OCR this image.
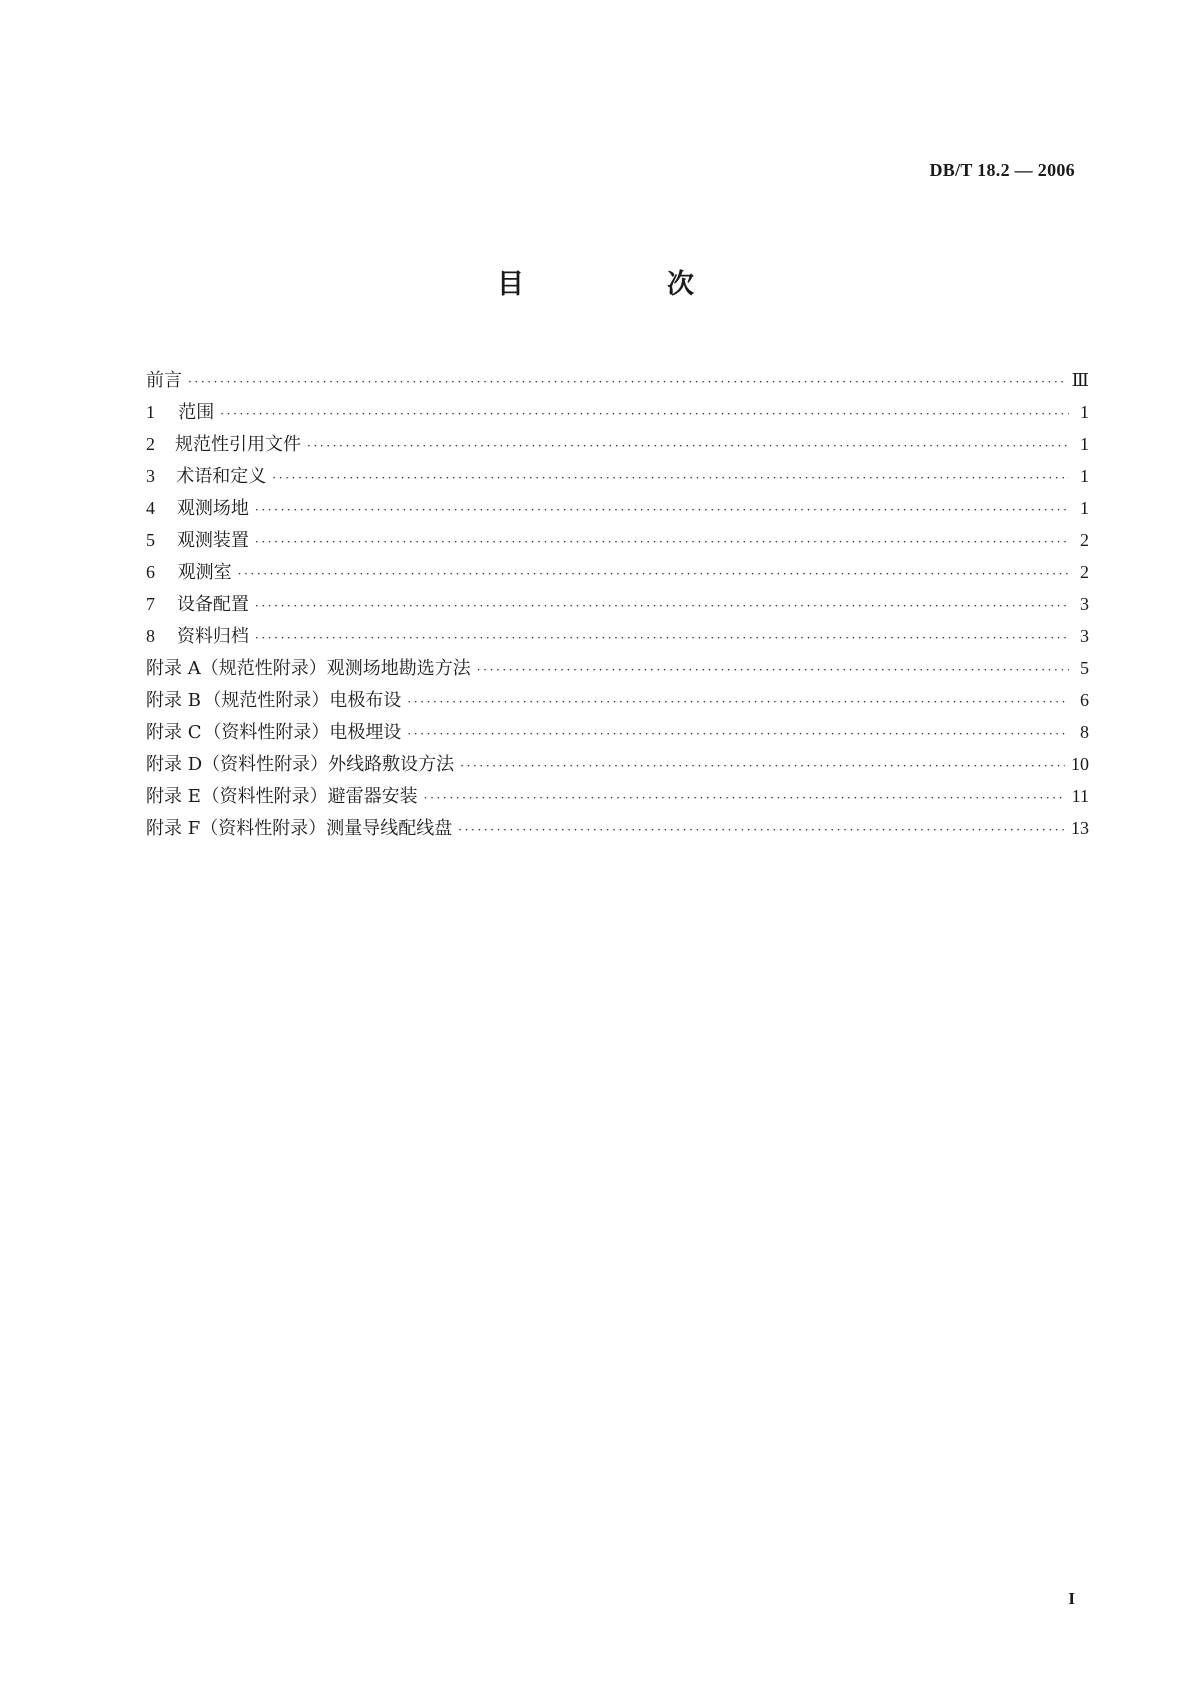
DB/T 18.2 — 2006
目　次
前言 ·····	Ⅲ
1	范围 ·····	1
2	规范性引用文件 ·····	1
3	术语和定义 ·····	1
4	观测场地 ·····	1
5	观测装置 ·····	2
6	观测室 ·····	2
7	设备配置 ·····	3
8	资料归档 ·····	3
附录 A （规范性附录）观测场地勘选方法 ·····	5
附录 B （规范性附录）电极布设 ·····	6
附录 C （资料性附录）电极埋设 ·····	8
附录 D （资料性附录）外线路敷设方法 ·····	10
附录 E （资料性附录）避雷器安装 ·····	11
附录 F （资料性附录）测量导线配线盘 ·····	13
I
